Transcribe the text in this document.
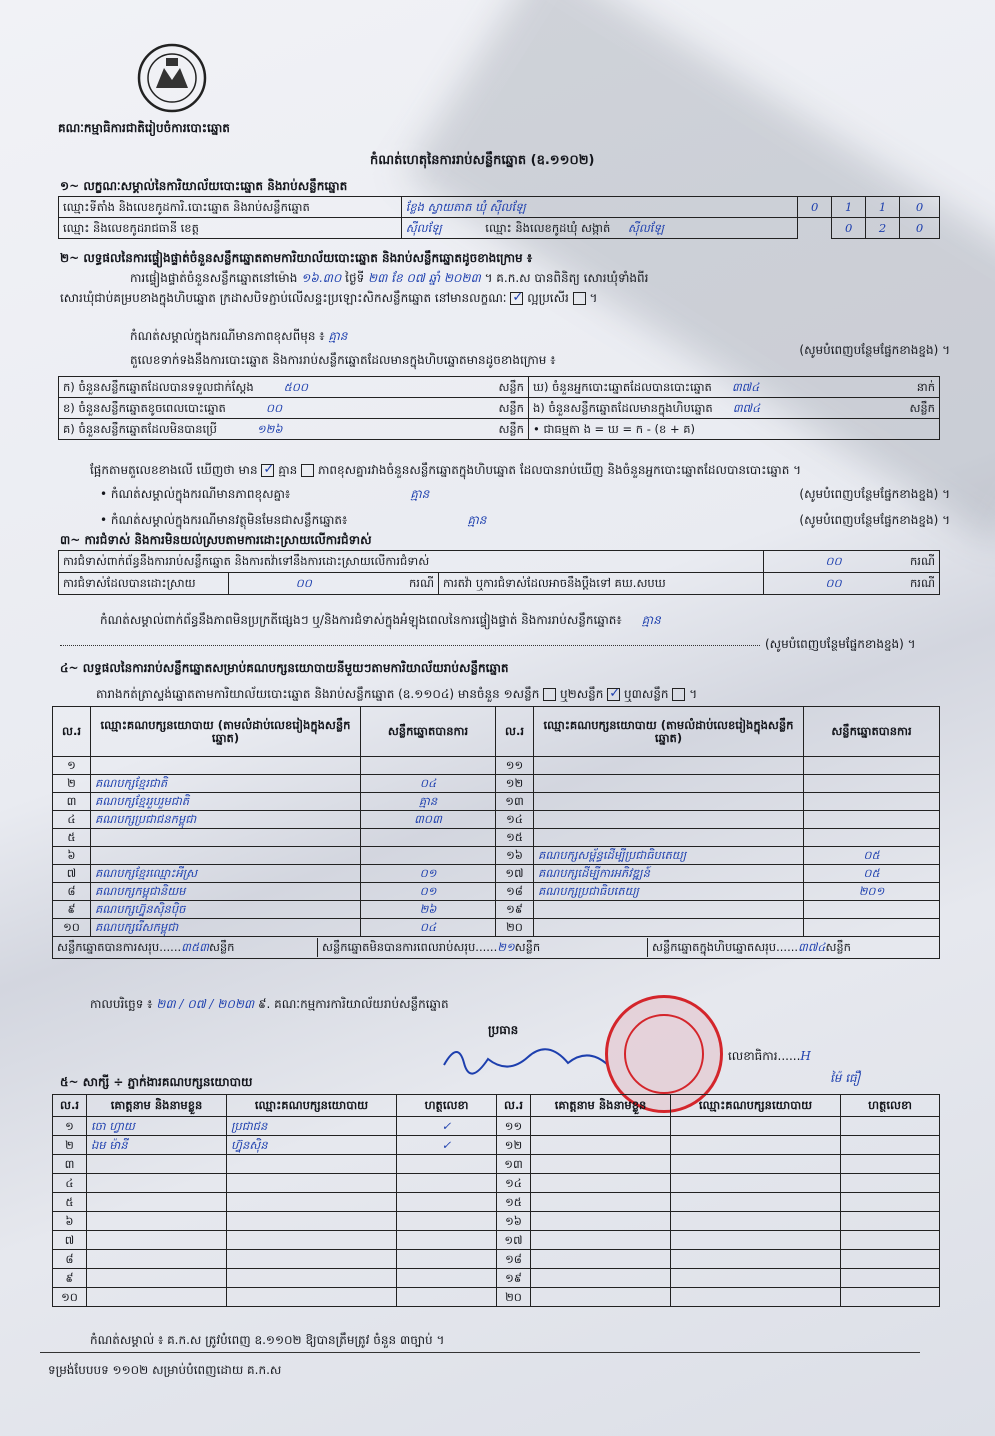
គណៈកម្មាធិការជាតិរៀបចំការបោះឆ្នោត
កំណត់ហេតុនៃការរាប់សន្លឹកឆ្នោត (ឧ.១១០២)
១~ លក្ខណៈសម្គាល់នៃការិយាល័យបោះឆ្នោត និងរាប់សន្លឹកឆ្នោត
ឈ្មោះទីតាំង និងលេខកូដការិ.បោះឆ្នោត និងរាប់សន្លឹកឆ្នោត	ខ្លែង ស្វាយតាត ឃុំ ស៊ីលឡែ	0	1	1	0
ឈ្មោះ និងលេខកូដរាជធានី ខេត្ត	ស៊ីលឡែ ឈ្មោះ និងលេខកូដឃុំ សង្កាត់ ស៊ីលឡែ		0	2	0
២~ លទ្ធផលនៃការផ្ទៀងផ្ទាត់ចំនួនសន្លឹកឆ្នោតតាមការិយាល័យបោះឆ្នោត និងរាប់សន្លឹកឆ្នោតដូចខាងក្រោម ៖
ការផ្ទៀងផ្ទាត់ចំនួនសន្លឹកឆ្នោតនៅម៉ោង ១៦.៣០ ថ្ងៃទី ២៣ ខែ ០៧ ឆ្នាំ ២០២៣ ។ គ.ក.ស បានពិនិត្យ សោរឃុំទាំងពីរ
សោរឃុំជាប់គម្របខាងក្នុងហិបឆ្នោត ក្រដាសបិទភ្ជាប់លើសន្ទះប្រឡោះសិកសន្លឹកឆ្នោត នៅមានលក្ខណៈ ✓ ល្អប្រសើរ ។
កំណត់សម្គាល់ក្នុងករណីមានភាពខុសពីមុន ៖ គ្មាន
(សូមបំពេញបន្ថែមផ្នែកខាងខ្នង) ។
តួលេខទាក់ទងនឹងការបោះឆ្នោត និងការរាប់សន្លឹកឆ្នោតដែលមានក្នុងហិបឆ្នោតមានដូចខាងក្រោម ៖
ក) ចំនួនសន្លឹកឆ្នោតដែលបានទទួលជាក់ស្តែង ៥០០ សន្លឹក	ឃ) ចំនួនអ្នកបោះឆ្នោតដែលបានបោះឆ្នោត ៣៧៤ នាក់

ខ) ចំនួនសន្លឹកឆ្នោតខូចពេលបោះឆ្នោត ០០ សន្លឹក	ង) ចំនួនសន្លឹកឆ្នោតដែលមានក្នុងហិបឆ្នោត ៣៧៤ សន្លឹក

គ) ចំនួនសន្លឹកឆ្នោតដែលមិនបានប្រើ ១២៦ សន្លឹក	• ជាធម្មតា ង = ឃ = ក - (ខ + គ)
ផ្អែកតាមតួលេខខាងលើ ឃើញថា មាន ✓ គ្មាន ភាពខុសគ្នារវាងចំនួនសន្លឹកឆ្នោតក្នុងហិបឆ្នោត ដែលបានរាប់ឃើញ និងចំនួនអ្នកបោះឆ្នោតដែលបានបោះឆ្នោត ។
• កំណត់សម្គាល់ក្នុងករណីមានភាពខុសគ្នា៖	គ្មាន	(សូមបំពេញបន្ថែមផ្នែកខាងខ្នង) ។
• កំណត់សម្គាល់ក្នុងករណីមានវត្ថុមិនមែនជាសន្លឹកឆ្នោត៖	គ្មាន	(សូមបំពេញបន្ថែមផ្នែកខាងខ្នង) ។
៣~ ការជំទាស់ និងការមិនយល់ស្របតាមការដោះស្រាយលើការជំទាស់
ការជំទាស់ពាក់ព័ន្ធនឹងការរាប់សន្លឹកឆ្នោត និងការតវ៉ាទៅនឹងការដោះស្រាយលើការជំទាស់				០០	ករណី
ការជំទាស់ដែលបានដោះស្រាយ	០០	ករណី	ការតវ៉ា ឬការជំទាស់ដែលអាចនឹងប្តឹងទៅ គឃ.សបឃ	០០	ករណី
កំណត់សម្គាល់ពាក់ព័ន្ធនឹងភាពមិនប្រក្រតីផ្សេងៗ ឬ/និងការជំទាស់ក្នុងអំឡុងពេលនៃការផ្ទៀងផ្ទាត់ និងការរាប់សន្លឹកឆ្នោត៖ គ្មាន
(សូមបំពេញបន្ថែមផ្នែកខាងខ្នង) ។
៤~ លទ្ធផលនៃការរាប់សន្លឹកឆ្នោតសម្រាប់គណបក្សនយោបាយនីមួយៗតាមការិយាល័យរាប់សន្លឹកឆ្នោត
តារាងកត់ត្រាស្ទង់ឆ្នោតតាមការិយាល័យបោះឆ្នោត និងរាប់សន្លឹកឆ្នោត (ឧ.១១០៤) មានចំនួន ១សន្លឹក ឬ២សន្លឹក ✓ ឬ៣សន្លឹក ។
ល.រ	ឈ្មោះគណបក្សនយោបាយ (តាមលំដាប់លេខរៀងក្នុងសន្លឹកឆ្នោត)	សន្លឹកឆ្នោតបានការ	ល.រ	ឈ្មោះគណបក្សនយោបាយ (តាមលំដាប់លេខរៀងក្នុងសន្លឹកឆ្នោត)	សន្លឹកឆ្នោតបានការ
១			១១		
២	គណបក្សខ្មែរជាតិ	០៤	១២		
៣	គណបក្សខ្មែររួបរួមជាតិ	គ្មាន	១៣		
៤	គណបក្សប្រជាជនកម្ពុជា	៣០៣	១៤		
៥			១៥		
៦			១៦	គណបក្សសម្ព័ន្ធដើម្បីប្រជាធិបតេយ្យ	០៥
៧	គណបក្សខ្មែរឈ្មោះអីស្រ	០១	១៧	គណបក្សដើម្បីការអភិវឌ្ឍន៍	០៥
៨	គណបក្សកម្ពុជានិយម	០១	១៨	គណបក្សប្រជាធិបតេយ្យ	២០១
៩	គណបក្សហ្វ៊ុនស៊ិនប៉ិច	២៦	១៩		
១០	គណបក្សរើសកម្ពុជា	០៤	២០		
សន្លឹកឆ្នោតបានការសរុប......៣៥៣សន្លឹក សន្លឹកឆ្នោតមិនបានការពេលរាប់សរុប......២១សន្លឹក សន្លឹកឆ្នោតក្នុងហិបឆ្នោតសរុប......៣៧៤សន្លឹក					
កាលបរិច្ឆេទ ៖ ២៣ / ០៧ / ២០២៣ ៩. គណៈកម្មការការិយាល័យរាប់សន្លឹកឆ្នោត
ប្រធាន
លេខាធិការ......H
ម៉ៃ ធឿ
៥~ សាក្សី ÷ ភ្នាក់ងារគណបក្សនយោបាយ
ល.រ	គោត្តនាម និងនាមខ្លួន	ឈ្មោះគណបក្សនយោបាយ	ហត្ថលេខា	ល.រ	គោត្តនាម និងនាមខ្លួន	ឈ្មោះគណបក្សនយោបាយ	ហត្ថលេខា
១	ចោ ហ្វាយ	ប្រជាជន	✓	១១			
២	ឯម ម៉ានី	ហ្វ៊ុនស៊ិន	✓	១២			
៣				១៣			
៤				១៤			
៥				១៥			
៦				១៦			
៧				១៧			
៨				១៨			
៩				១៩			
១០				២០			
កំណត់សម្គាល់ ៖ គ.ក.ស ត្រូវបំពេញ ឧ.១១០២ ឱ្យបានត្រឹមត្រូវ ចំនួន ៣ច្បាប់ ។
ទម្រង់បែបបទ ១១០២ សម្រាប់បំពេញដោយ គ.ក.ស
